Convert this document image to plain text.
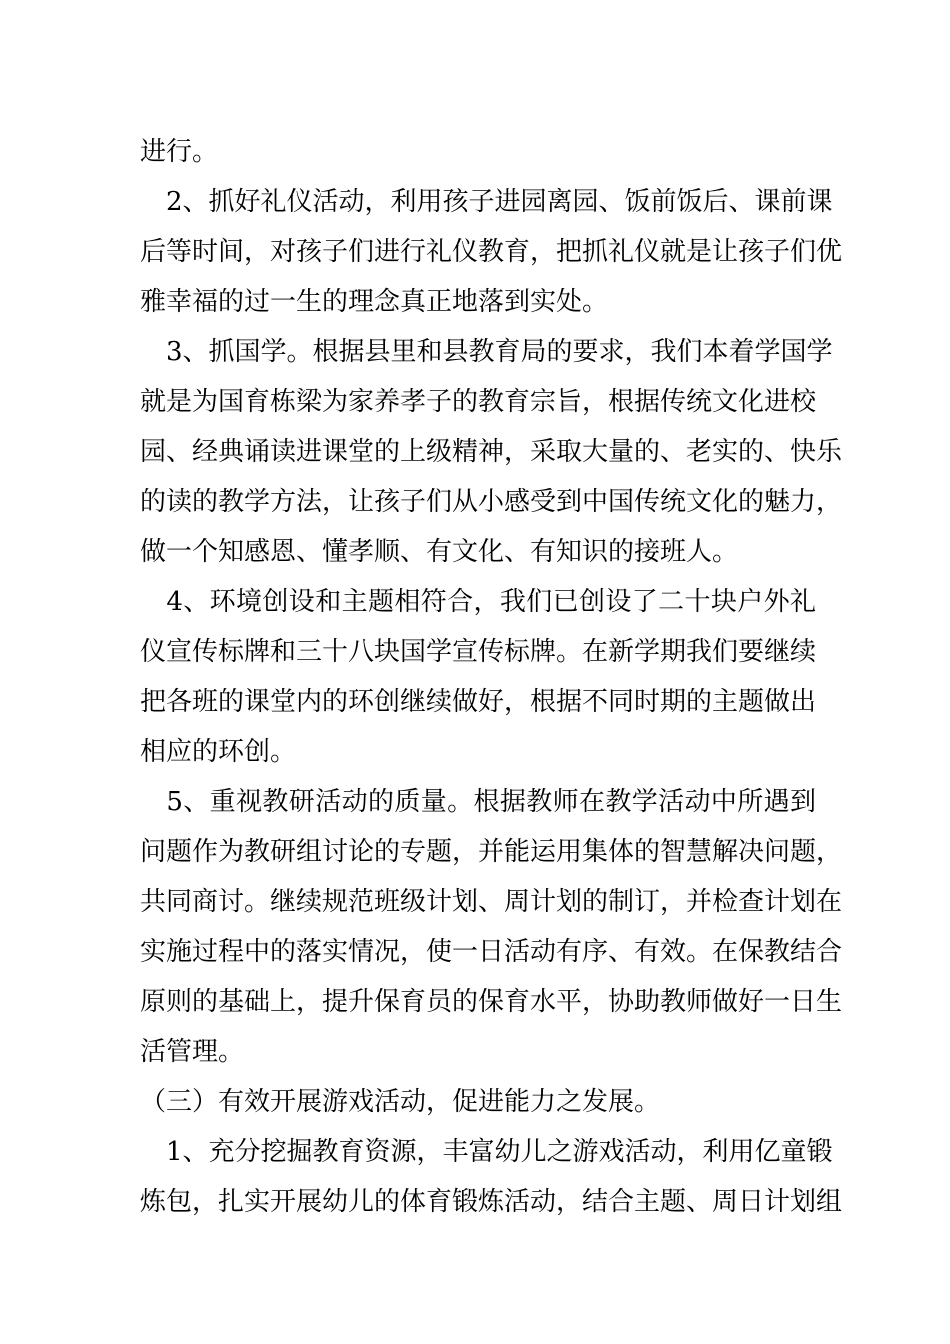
进行。
　2、抓好礼仪活动，利用孩子进园离园、饭前饭后、课前课
后等时间，对孩子们进行礼仪教育，把抓礼仪就是让孩子们优
雅幸福的过一生的理念真正地落到实处。
　3、抓国学。根据县里和县教育局的要求，我们本着学国学
就是为国育栋梁为家养孝子的教育宗旨，根据传统文化进校
园、经典诵读进课堂的上级精神，采取大量的、老实的、快乐
的读的教学方法，让孩子们从小感受到中国传统文化的魅力，
做一个知感恩、懂孝顺、有文化、有知识的接班人。
　4、环境创设和主题相符合，我们已创设了二十块户外礼
仪宣传标牌和三十八块国学宣传标牌。在新学期我们要继续
把各班的课堂内的环创继续做好，根据不同时期的主题做出
相应的环创。
　5、重视教研活动的质量。根据教师在教学活动中所遇到
问题作为教研组讨论的专题，并能运用集体的智慧解决问题，
共同商讨。继续规范班级计划、周计划的制订，并检查计划在
实施过程中的落实情况，使一日活动有序、有效。在保教结合
原则的基础上，提升保育员的保育水平，协助教师做好一日生
活管理。
（三）有效开展游戏活动，促进能力之发展。
1、充分挖掘教育资源，丰富幼儿之游戏活动，利用亿童锻
炼包，扎实开展幼儿的体育锻炼活动，结合主题、周日计划组
